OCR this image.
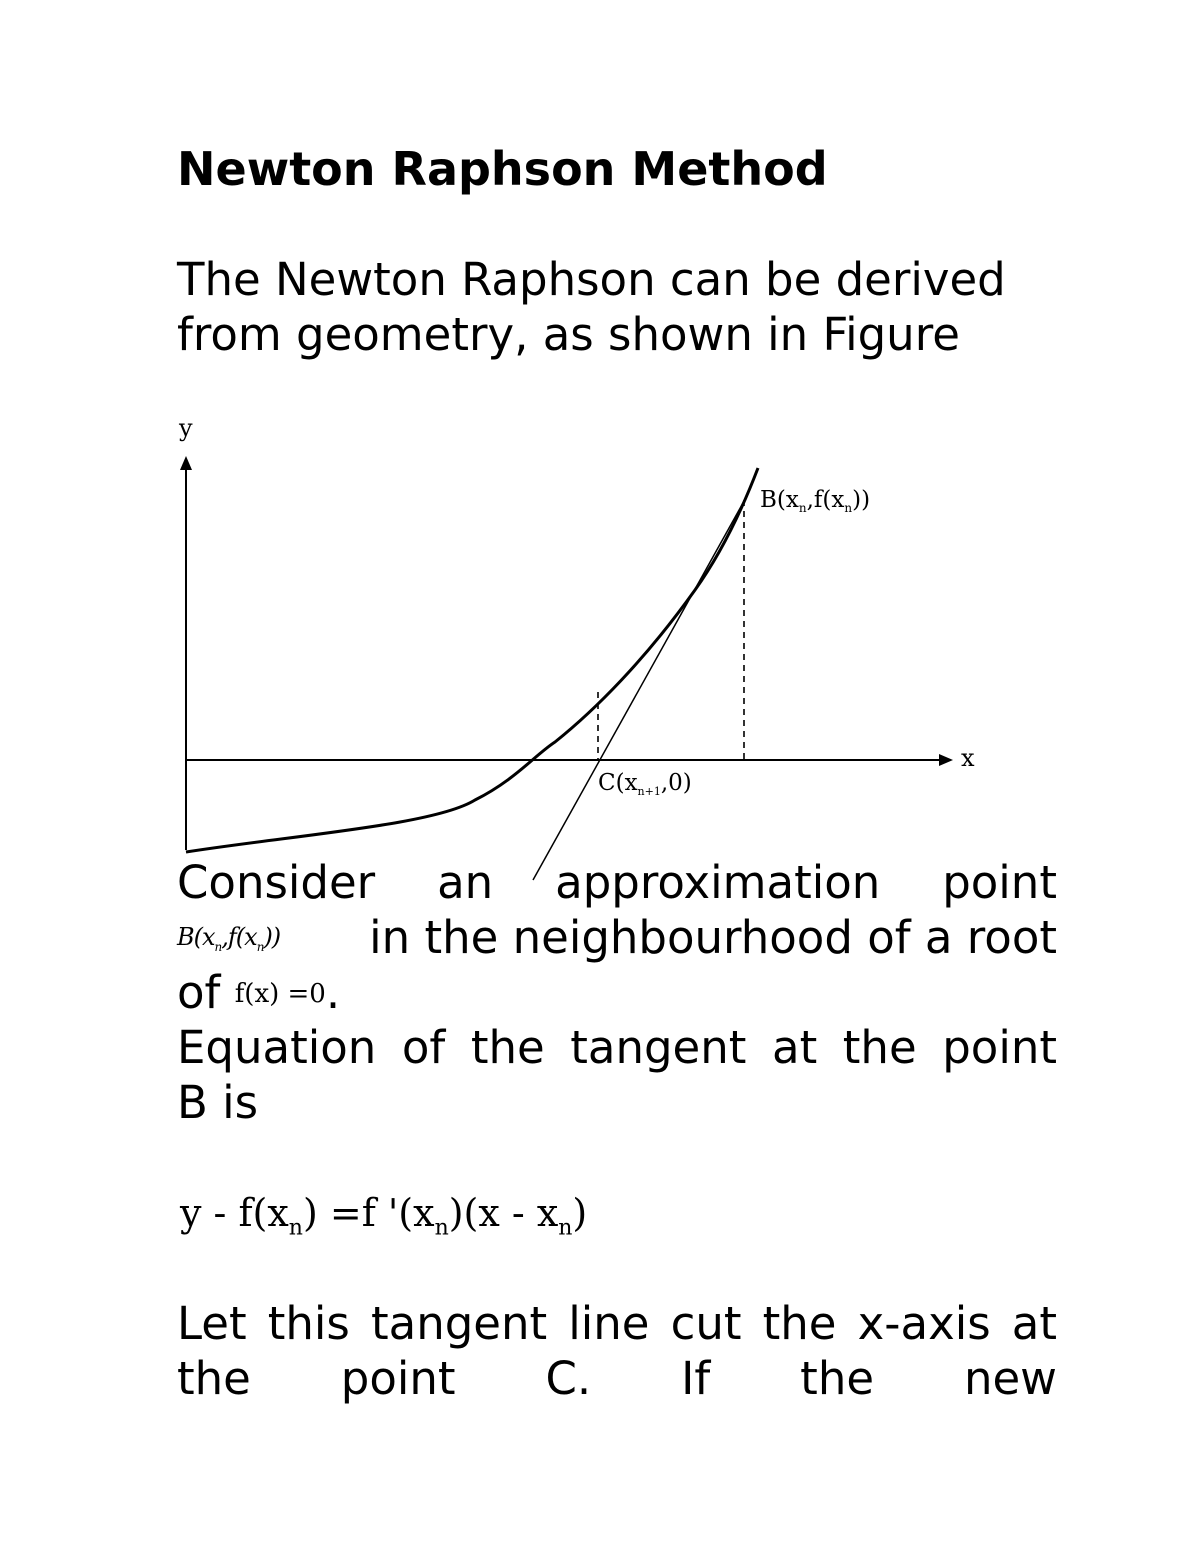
Newton Raphson Method
The Newton Raphson can be derived
from geometry, as shown in Figure
y
x
$B(x_n,f(x_n))$
$C(x_{n+1},0)$
Consider an approximation point
$B(x_n,f(x_n))$ in the neighbourhood of a root
of f(x) =0.
Equation of the tangent at the point
B is
$y - f(x_n) =f$ '$(x_n)(x - x_n)$
Let this tangent line cut the x-axis at
the point C. If the new
